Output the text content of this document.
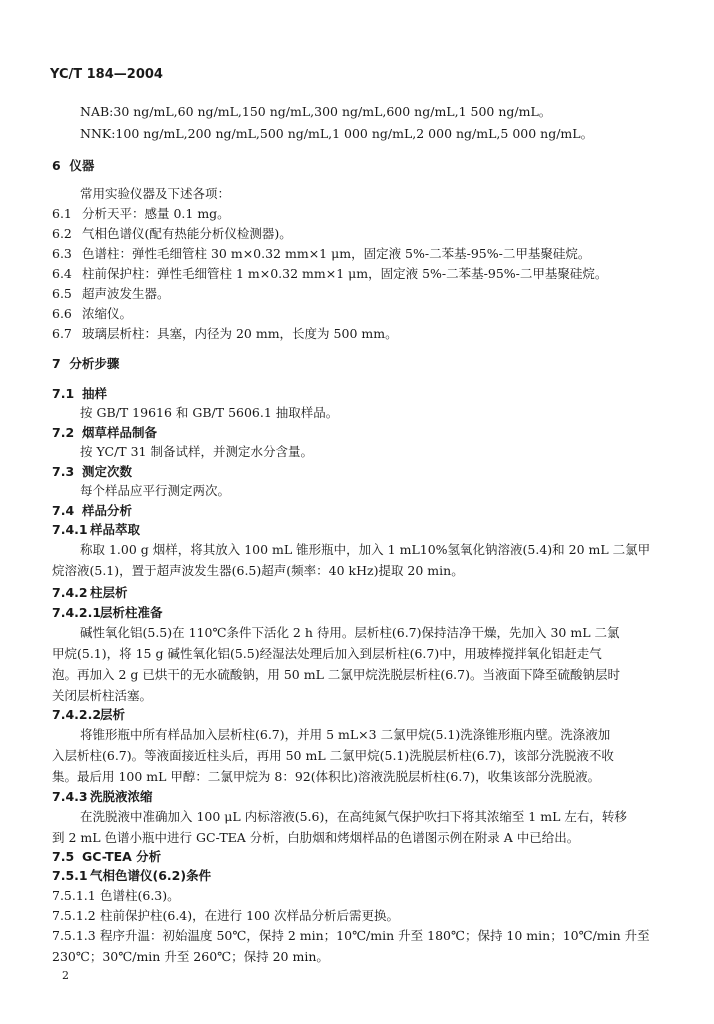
YC/T 184—2004
NAB:30 ng/mL,60 ng/mL,150 ng/mL,300 ng/mL,600 ng/mL,1 500 ng/mL。
NNK:100 ng/mL,200 ng/mL,500 ng/mL,1 000 ng/mL,2 000 ng/mL,5 000 ng/mL。
6 仪器
常用实验仪器及下述各项：
6.1 分析天平：感量 0.1 mg。
6.2 气相色谱仪(配有热能分析仪检测器)。
6.3 色谱柱：弹性毛细管柱 30 m×0.32 mm×1 μm，固定液 5%-二苯基-95%-二甲基聚硅烷。
6.4 柱前保护柱：弹性毛细管柱 1 m×0.32 mm×1 μm，固定液 5%-二苯基-95%-二甲基聚硅烷。
6.5 超声波发生器。
6.6 浓缩仪。
6.7 玻璃层析柱：具塞，内径为 20 mm，长度为 500 mm。
7 分析步骤
7.1 抽样
按 GB/T 19616 和 GB/T 5606.1 抽取样品。
7.2 烟草样品制备
按 YC/T 31 制备试样，并测定水分含量。
7.3 测定次数
每个样品应平行测定两次。
7.4 样品分析
7.4.1 样品萃取
称取 1.00 g 烟样，将其放入 100 mL 锥形瓶中，加入 1 mL10%氢氧化钠溶液(5.4)和 20 mL 二氯甲
烷溶液(5.1)，置于超声波发生器(6.5)超声(频率：40 kHz)提取 20 min。
7.4.2 柱层析
7.4.2.1层析柱准备
碱性氧化铝(5.5)在 110℃条件下活化 2 h 待用。层析柱(6.7)保持洁净干燥，先加入 30 mL 二氯
甲烷(5.1)，将 15 g 碱性氧化铝(5.5)经湿法处理后加入到层析柱(6.7)中，用玻棒搅拌氧化铝赶走气
泡。再加入 2 g 已烘干的无水硫酸钠，用 50 mL 二氯甲烷洗脱层析柱(6.7)。当液面下降至硫酸钠层时
关闭层析柱活塞。
7.4.2.2层析
将锥形瓶中所有样品加入层析柱(6.7)，并用 5 mL×3 二氯甲烷(5.1)洗涤锥形瓶内壁。洗涤液加
入层析柱(6.7)。等液面接近柱头后，再用 50 mL 二氯甲烷(5.1)洗脱层析柱(6.7)，该部分洗脱液不收
集。最后用 100 mL 甲醇：二氯甲烷为 8：92(体积比)溶液洗脱层析柱(6.7)，收集该部分洗脱液。
7.4.3 洗脱液浓缩
在洗脱液中准确加入 100 μL 内标溶液(5.6)，在高纯氮气保护吹扫下将其浓缩至 1 mL 左右，转移
到 2 mL 色谱小瓶中进行 GC-TEA 分析，白肋烟和烤烟样品的色谱图示例在附录 A 中已给出。
7.5 GC-TEA 分析
7.5.1 气相色谱仪(6.2)条件
7.5.1.1 色谱柱(6.3)。
7.5.1.2 柱前保护柱(6.4)，在进行 100 次样品分析后需更换。
7.5.1.3 程序升温：初始温度 50℃，保持 2 min；10℃/min 升至 180℃；保持 10 min；10℃/min 升至
230℃；30℃/min 升至 260℃；保持 20 min。
2
